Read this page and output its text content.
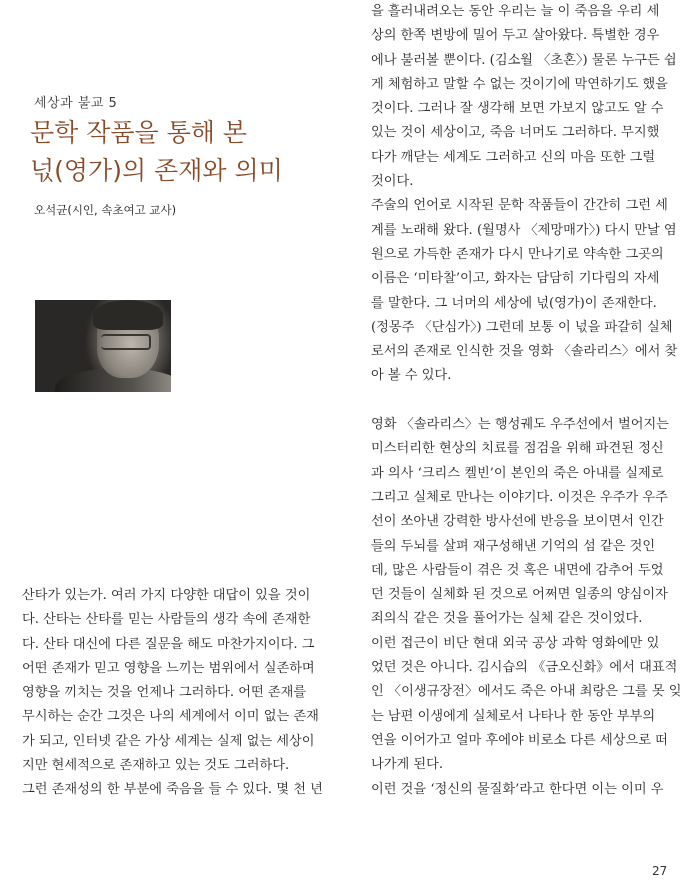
세상과 불교 5
문학 작품을 통해 본
넋(영가)의 존재와 의미
오석균(시인, 속초여고 교사)

산타가 있는가. 여러 가지 다양한 대답이 있을 것이

다. 산타는 산타를 믿는 사람들의 생각 속에 존재한

다. 산타 대신에 다른 질문을 해도 마찬가지이다. 그

어떤 존재가 믿고 영향을 느끼는 범위에서 실존하며

영향을 끼치는 것을 언제나 그러하다. 어떤 존재를

무시하는 순간 그것은 나의 세계에서 이미 없는 존재

가 되고, 인터넷 같은 가상 세계는 실제 없는 세상이

지만 현세적으로 존재하고 있는 것도 그러하다.

그런 존재성의 한 부분에 죽음을 들 수 있다. 몇 천 년

을 흘러내려오는 동안 우리는 늘 이 죽음을 우리 세

상의 한쪽 변방에 밀어 두고 살아왔다. 특별한 경우

에나 불러볼 뿐이다. (김소월 〈초혼〉) 물론 누구든 쉽

게 체험하고 말할 수 없는 것이기에 막연하기도 했을

것이다. 그러나 잘 생각해 보면 가보지 않고도 알 수

있는 것이 세상이고, 죽음 너머도 그러하다. 무지했

다가 깨닫는 세계도 그러하고 신의 마음 또한 그럴

것이다.

주술의 언어로 시작된 문학 작품들이 간간히 그런 세

계를 노래해 왔다. (월명사 〈제망매가〉) 다시 만날 염

원으로 가득한 존재가 다시 만나기로 약속한 그곳의

이름은 ‘미타찰’이고, 화자는 담담히 기다림의 자세

를 말한다. 그 너머의 세상에 넋(영가)이 존재한다.

(정몽주 〈단심가〉) 그런데 보통 이 넋을 파갈히 실체

로서의 존재로 인식한 것을 영화 〈솔라리스〉에서 찾

아 볼 수 있다.

영화 〈솔라리스〉는 행성궤도 우주선에서 벌어지는

미스터리한 현상의 치료를 점검을 위해 파견된 정신

과 의사 ‘크리스 켈빈’이 본인의 죽은 아내를 실제로

그리고 실체로 만나는 이야기다. 이것은 우주가 우주

선이 쏘아낸 강력한 방사선에 반응을 보이면서 인간

들의 두뇌를 살펴 재구성해낸 기억의 섬 같은 것인

데, 많은 사람들이 겪은 것 혹은 내면에 감추어 두었

던 것들이 실체화 된 것으로 어쩌면 일종의 양심이자

죄의식 같은 것을 풀어가는 실체 같은 것이었다.

이런 접근이 비단 현대 외국 공상 과학 영화에만 있

었던 것은 아니다. 김시습의 《금오신화》에서 대표적

인 〈이생규장전〉에서도 죽은 아내 최랑은 그를 못 잊

는 남편 이생에게 실체로서 나타나 한 동안 부부의

연을 이어가고 얼마 후에야 비로소 다른 세상으로 떠

나가게 된다.

이런 것을 ‘정신의 물질화’라고 한다면 이는 이미 우

27
